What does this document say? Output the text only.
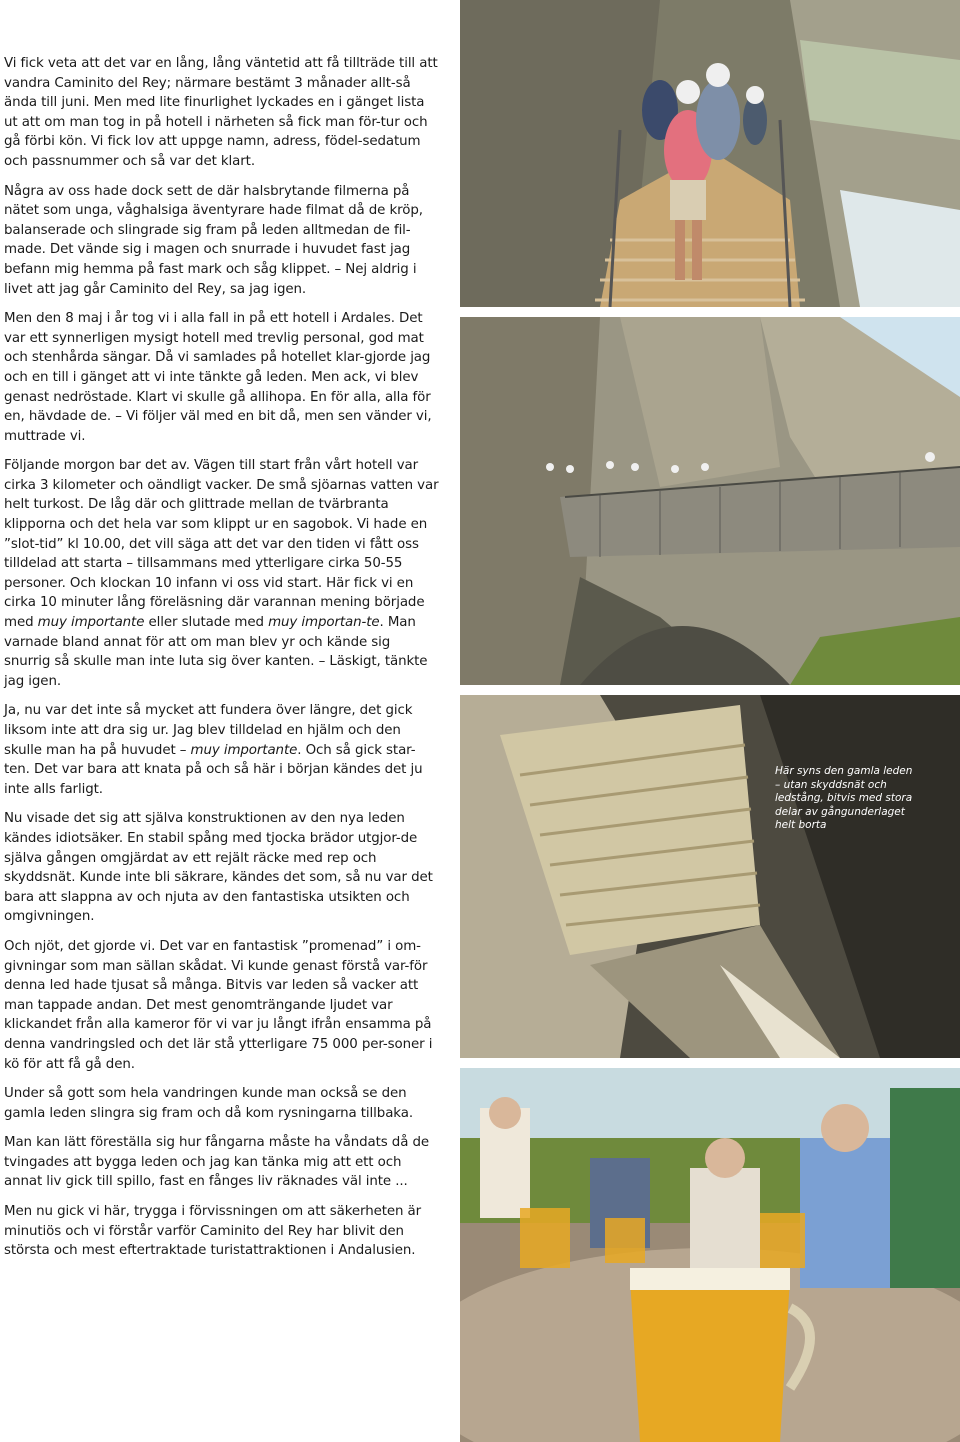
Vi fick veta att det var en lång, lång väntetid att få tillträde till att vandra Caminito del Rey; närmare bestämt 3 månader allt-så ända till juni. Men med lite finurlighet lyckades en i gänget lista ut att om man tog in på hotell i närheten så fick man för-tur och gå förbi kön. Vi fick lov att uppge namn, adress, födel-sedatum och passnummer och så var det klart.

Några av oss hade dock sett de där halsbrytande filmerna på nätet som unga, våghalsiga äventyrare hade filmat då de kröp, balanserade och slingrade sig fram på leden alltmedan de fil-made. Det vände sig i magen och snurrade i huvudet fast jag befann mig hemma på fast mark och såg klippet. – Nej aldrig i livet att jag går Caminito del Rey, sa jag igen.

Men den 8 maj i år tog vi i alla fall in på ett hotell i Ardales. Det var ett synnerligen mysigt hotell med trevlig personal, god mat och stenhårda sängar. Då vi samlades på hotellet klar-gjorde jag och en till i gänget att vi inte tänkte gå leden. Men ack, vi blev genast nedröstade. Klart vi skulle gå allihopa. En för alla, alla för en, hävdade de. – Vi följer väl med en bit då, men sen vänder vi, muttrade vi.

Följande morgon bar det av. Vägen till start från vårt hotell var cirka 3 kilometer och oändligt vacker. De små sjöarnas vatten var helt turkost. De låg där och glittrade mellan de tvärbranta klipporna och det hela var som klippt ur en sagobok. Vi hade en ”slot-tid” kl 10.00, det vill säga att det var den tiden vi fått oss tilldelad att starta – tillsammans med ytterligare cirka 50-55 personer. Och klockan 10 infann vi oss vid start. Här fick vi en cirka 10 minuter lång föreläsning där varannan mening började med muy importante eller slutade med muy importan-te. Man varnade bland annat för att om man blev yr och kände sig snurrig så skulle man inte luta sig över kanten. – Läskigt, tänkte jag igen.

Ja, nu var det inte så mycket att fundera över längre, det gick liksom inte att dra sig ur. Jag blev tilldelad en hjälm och den skulle man ha på huvudet – muy importante. Och så gick star-ten. Det var bara att knata på och så här i början kändes det ju inte alls farligt.

Nu visade det sig att själva konstruktionen av den nya leden kändes idiotsäker. En stabil spång med tjocka brädor utgjor-de själva gången omgjärdat av ett rejält räcke med rep och skyddsnät. Kunde inte bli säkrare, kändes det som, så nu var det bara att slappna av och njuta av den fantastiska utsikten och omgivningen.

Och njöt, det gjorde vi. Det var en fantastisk ”promenad” i om-givningar som man sällan skådat. Vi kunde genast förstå var-för denna led hade tjusat så många. Bitvis var leden så vacker att man tappade andan. Det mest genomträngande ljudet var klickandet från alla kameror för vi var ju långt ifrån ensamma på denna vandringsled och det lär stå ytterligare 75 000 per-soner i kö för att få gå den.

Under så gott som hela vandringen kunde man också se den gamla leden slingra sig fram och då kom rysningarna tillbaka.

Man kan lätt föreställa sig hur fångarna måste ha våndats då de tvingades att bygga leden och jag kan tänka mig att ett och annat liv gick till spillo, fast en fånges liv räknades väl inte ...

Men nu gick vi här, trygga i förvissningen om att säkerheten är minutiös och vi förstår varför Caminito del Rey har blivit den största och mest eftertraktade turistattraktionen i Andalusien.

Här syns den gamla leden – utan skyddsnät och ledstång, bitvis med stora delar av gångunderlaget helt borta
